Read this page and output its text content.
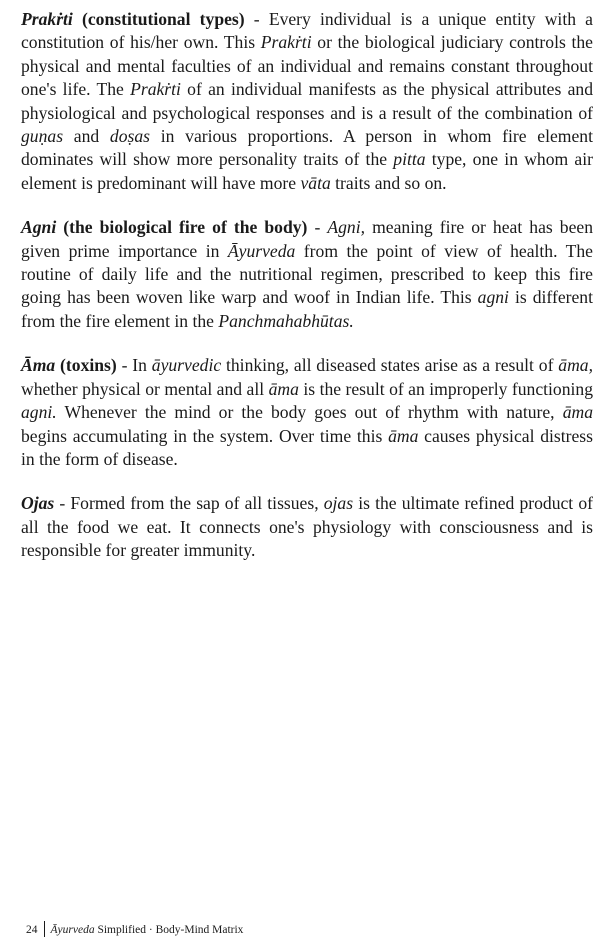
Prakṙti (constitutional types) - Every individual is a unique entity with a constitution of his/her own. This Prakṙti or the biological judiciary controls the physical and mental faculties of an individual and remains constant throughout one's life. The Prakṙti of an individual manifests as the physical attributes and physiological and psychological responses and is a result of the combination of guṇas and doṣas in various proportions. A person in whom fire element dominates will show more personality traits of the pitta type, one in whom air element is predominant will have more vāta traits and so on.

Agni (the biological fire of the body) - Agni, meaning fire or heat has been given prime importance in Āyurveda from the point of view of health. The routine of daily life and the nutritional regimen, prescribed to keep this fire going has been woven like warp and woof in Indian life. This agni is different from the fire element in the Panchmahabhūtas.

Āma (toxins) - In āyurvedic thinking, all diseased states arise as a result of āma, whether physical or mental and all āma is the result of an improperly functioning agni. Whenever the mind or the body goes out of rhythm with nature, āma begins accumulating in the system. Over time this āma causes physical distress in the form of disease.

Ojas - Formed from the sap of all tissues, ojas is the ultimate refined product of all the food we eat. It connects one's physiology with consciousness and is responsible for greater immunity.

24 Āyurveda Simplified · Body-Mind Matrix
